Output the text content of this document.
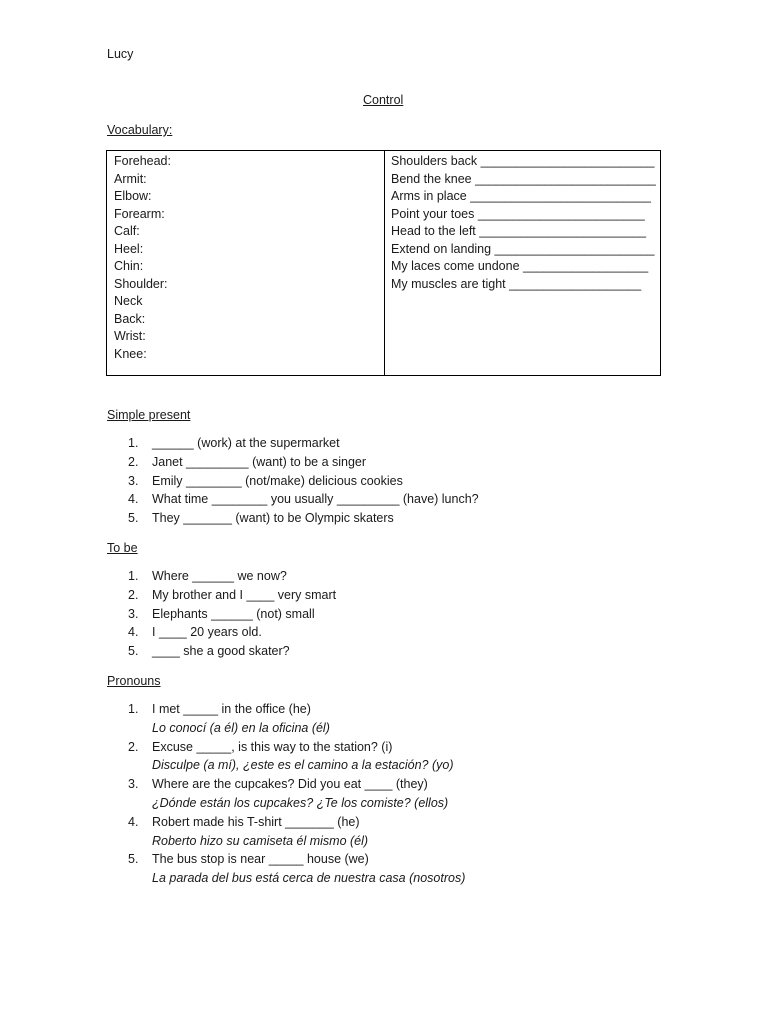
Lucy
Control
Vocabulary:
Forehead:
Armit:
Elbow:
Forearm:
Calf:
Heel:
Chin:
Shoulder:
Neck
Back:
Wrist:
Knee:
Shoulders back _________________________
Bend the knee __________________________
Arms in place __________________________
Point your toes ________________________
Head to the left ________________________
Extend on landing _______________________
My laces come undone __________________
My muscles are tight ___________________
Simple present
1. ______ (work) at the supermarket
2. Janet _________ (want) to be a singer
3. Emily ________ (not/make) delicious cookies
4. What time ________ you usually _________ (have) lunch?
5. They _______ (want) to be Olympic skaters
To be
1. Where ______ we now?
2. My brother and I ____ very smart
3. Elephants ______ (not) small
4. I ____ 20 years old.
5. ____ she a good skater?
Pronouns
1. I met _____ in the office (he)
Lo conocí (a él) en la oficina (él)
2. Excuse _____, is this way to the station? (i)
Disculpe (a mí), ¿este es el camino a la estación? (yo)
3. Where are the cupcakes? Did you eat ____ (they)
¿Dónde están los cupcakes? ¿Te los comiste? (ellos)
4. Robert made his T-shirt _______ (he)
Roberto hizo su camiseta él mismo (él)
5. The bus stop is near _____ house (we)
La parada del bus está cerca de nuestra casa (nosotros)
